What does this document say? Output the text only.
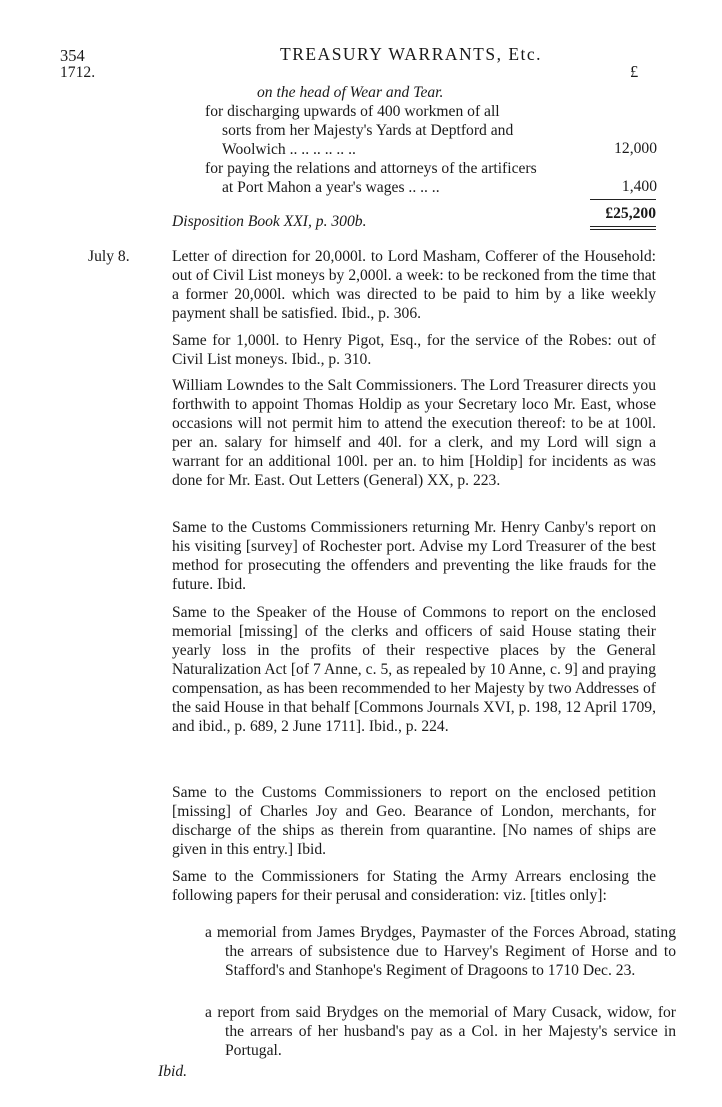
​
354
1712.
TREASURY WARRANTS, Etc.
£
on the head of Wear and Tear.
for discharging upwards of 400 workmen of all
sorts from her Majesty's Yards at Deptford and
Woolwich .. .. .. .. .. ..	12,000
for paying the relations and attorneys of the artificers
at Port Mahon a year's wages .. .. ..	1,400
£25,200
Disposition Book XXI, p. 300b.
July 8.	Letter of direction for 20,000l. to Lord Masham, Cofferer of the Household: out of Civil List moneys by 2,000l. a week: to be reckoned from the time that a former 20,000l. which was directed to be paid to him by a like weekly payment shall be satisfied. Ibid., p. 306.
Same for 1,000l. to Henry Pigot, Esq., for the service of the Robes: out of Civil List moneys. Ibid., p. 310.
William Lowndes to the Salt Commissioners. The Lord Treasurer directs you forthwith to appoint Thomas Holdip as your Secretary loco Mr. East, whose occasions will not permit him to attend the execution thereof: to be at 100l. per an. salary for himself and 40l. for a clerk, and my Lord will sign a warrant for an additional 100l. per an. to him [Holdip] for incidents as was done for Mr. East. Out Letters (General) XX, p. 223.
Same to the Customs Commissioners returning Mr. Henry Canby's report on his visiting [survey] of Rochester port. Advise my Lord Treasurer of the best method for prosecuting the offenders and preventing the like frauds for the future. Ibid.
Same to the Speaker of the House of Commons to report on the enclosed memorial [missing] of the clerks and officers of said House stating their yearly loss in the profits of their respective places by the General Naturalization Act [of 7 Anne, c. 5, as repealed by 10 Anne, c. 9] and praying compensation, as has been recommended to her Majesty by two Addresses of the said House in that behalf [Commons Journals XVI, p. 198, 12 April 1709, and ibid., p. 689, 2 June 1711]. Ibid., p. 224.
Same to the Customs Commissioners to report on the enclosed petition [missing] of Charles Joy and Geo. Bearance of London, merchants, for discharge of the ships as therein from quarantine. [No names of ships are given in this entry.] Ibid.
Same to the Commissioners for Stating the Army Arrears enclosing the following papers for their perusal and consideration: viz. [titles only]:
a memorial from James Brydges, Paymaster of the Forces Abroad, stating the arrears of subsistence due to Harvey's Regiment of Horse and to Stafford's and Stanhope's Regiment of Dragoons to 1710 Dec. 23.
a report from said Brydges on the memorial of Mary Cusack, widow, for the arrears of her husband's pay as a Col. in her Majesty's service in Portugal.
Ibid.
